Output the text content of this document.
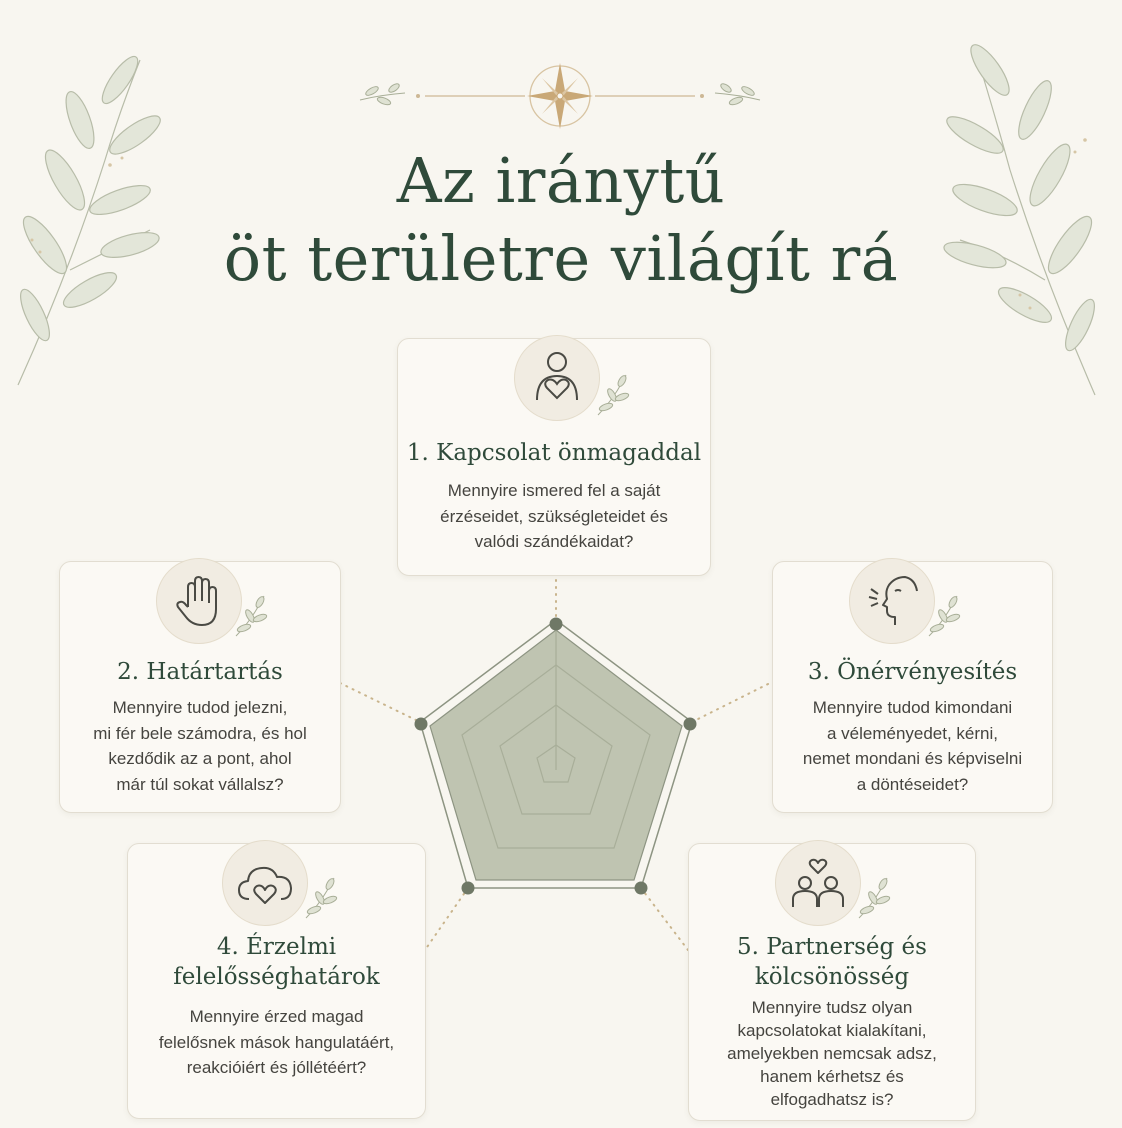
Az iránytű
öt területre világít rá
1. Kapcsolat önmagaddal

Mennyire ismered fel a saját
érzéseidet, szükségleteidet és
valódi szándékaidat?

2. Határtartás

Mennyire tudod jelezni,
mi fér bele számodra, és hol
kezdődik az a pont, ahol
már túl sokat vállalsz?

3. Önérvényesítés

Mennyire tudod kimondani
a véleményedet, kérni,
nemet mondani és képviselni
a döntéseidet?

4. Érzelmi
felelősséghatárok

Mennyire érzed magad
felelősnek mások hangulatáért,
reakcióiért és jóllétéért?

5. Partnerség és
kölcsönösség

Mennyire tudsz olyan
kapcsolatokat kialakítani,
amelyekben nemcsak adsz,
hanem kérhetsz és
elfogadhatsz is?
